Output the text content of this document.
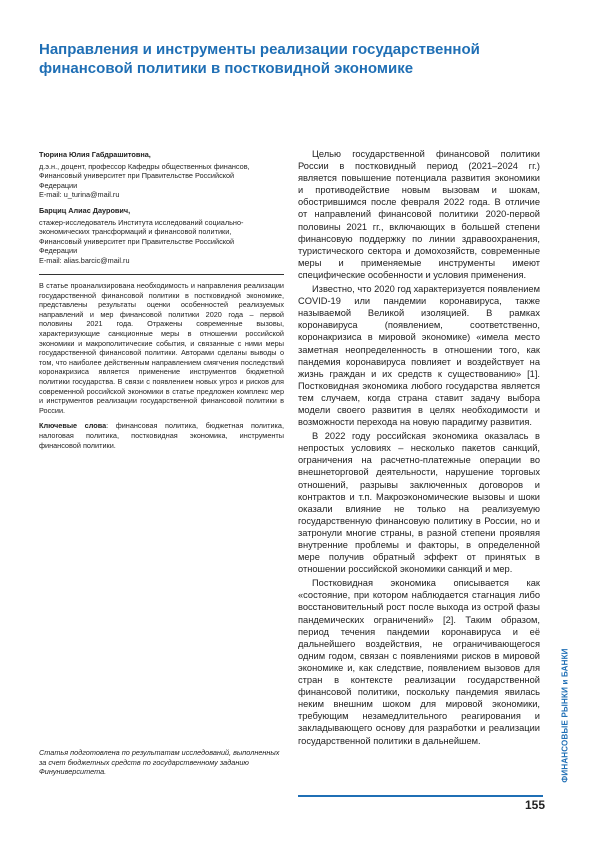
Направления и инструменты реализации государственной финансовой политики в постковидной экономике

Тюрина Юлия Габдрашитовна,

д.э.н., доцент, профессор Кафедры общественных финансов,

Финансовый университет при Правительстве Российской

Федерации

E-mail: u_turina@mail.ru

Барциц Алиас Даурович,

стажер-исследователь Института исследований социально-

экономических трансформаций и финансовой политики,

Финансовый университет при Правительстве Российской

Федерации

E-mail: alias.barcic@mail.ru

В статье проанализирована необходимость и направления реализации государственной финансовой политики в постковидной экономике, представлены результаты оценки особенностей реализуемых направлений и мер финансовой политики 2020 года – первой половины 2021 года. Отражены современные вызовы, характеризующие санкционные меры в отношении российской экономики и макрополитические события, и связанные с ними меры государственной финансовой политики. Авторами сделаны выводы о том, что наиболее действенным направлением смягчения последствий коронакризиса является применение инструментов бюджетной политики государства. В связи с появлением новых угроз и рисков для современной российской экономики в статье предложен комплекс мер и инструментов реализации государственной финансовой политики в России.

Ключевые слова: финансовая политика, бюджетная политика, налоговая политика, постковидная экономика, инструменты финансовой политики.

Статья подготовлена по результатам исследований, выполненных за счет бюджетных средств по государственному заданию Финуниверситета.

Целью государственной финансовой политики России в постковидный период (2021–2024 гг.) является повышение потенциала развития экономики и противодействие новым вызовам и шокам, обострившимся после февраля 2022 года. В отличие от направлений финансовой политики 2020-первой половины 2021 гг., включающих в большей степени финансовую поддержку по линии здравоохранения, туристического сектора и домохозяйств, современные меры и применяемые инструменты имеют специфические особенности и условия применения.

Известно, что 2020 год характеризуется появлением COVID-19 или пандемии коронавируса, также называемой Великой изоляцией. В рамках коронавируса (появлением, соответственно, коронакризиса в мировой экономике) «имела место заметная неопределенность в отношении того, как пандемия коронавируса повлияет и воздействует на жизнь граждан и их средств к существованию» [1]. Постковидная экономика любого государства является тем случаем, когда страна ставит задачу выбора модели своего развития в целях необходимости и возможности перехода на новую парадигму развития.

В 2022 году российская экономика оказалась в непростых условиях – несколько пакетов санкций, ограничения на расчетно-платежные операции во внешнеторговой деятельности, нарушение торговых отношений, разрывы заключенных договоров и контрактов и т.п. Макроэкономические вызовы и шоки оказали влияние не только на реализуемую государственную финансовую политику в России, но и затронули многие страны, в разной степени проявляя внутренние проблемы и факторы, в определенной мере получив обратный эффект от принятых в отношении российской экономики санкций и мер.

Постковидная экономика описывается как «состояние, при котором наблюдается стагнация либо восстановительный рост после выхода из острой фазы пандемических ограничений» [2]. Таким образом, период течения пандемии коронавируса и её дальнейшего воздействия, не ограничивающегося одним годом, связан с появлениями рисков в мировой экономике и, как следствие, появлением вызовов для стран в контексте реализации государственной финансовой политики, поскольку пандемия явилась неким внешним шоком для мировой экономики, требующим незамедлительного реагирования и закладывающего основу для разработки и реализации государственной политики в дальнейшем.	ФИНАНСОВЫЕ РЫНКИ и БАНКИ
155
